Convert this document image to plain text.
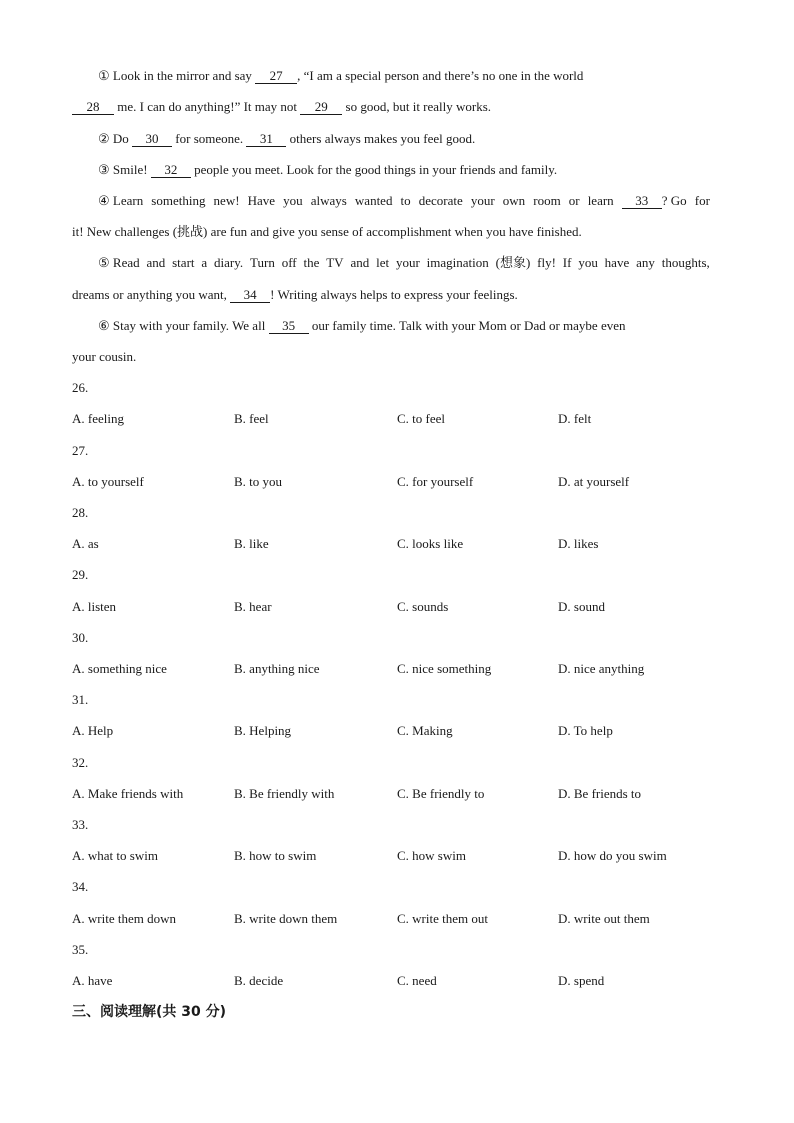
① Look in the mirror and say 27 , “I am a special person and there’s no one in the world
28 me. I can do anything!” It may not 29 so good, but it really works.
② Do 30 for someone. 31 others always makes you feel good.
③ Smile! 32 people you meet. Look for the good things in your friends and family.
④ Learn something new! Have you always wanted to decorate your own room or learn	33 ? Go for
it! New challenges (挑战) are fun and give you sense of accomplishment when you have finished.
⑤ Read and start a diary. Turn off the TV and let your imagination (想象) fly! If you have any thoughts,
dreams or anything you want, 34 ! Writing always helps to express your feelings.
⑥ Stay with your family. We all 35 our family time. Talk with your Mom or Dad or maybe even
your cousin.
26.
A. feeling	B. feel	C. to feel	D. felt
27.
A. to yourself	B. to you	C. for yourself	D. at yourself
28.
A. as	B. like	C. looks like	D. likes
29.
A. listen	B. hear	C. sounds	D. sound
30.
A. something nice	B. anything nice	C. nice something	D. nice anything
31.
A. Help	B. Helping	C. Making	D. To help
32.
A. Make friends with	B. Be friendly with	C. Be friendly to	D. Be friends to
33.
A. what to swim	B. how to swim	C. how swim	D. how do you swim
34.
A. write them down	B. write down them	C. write them out	D. write out them
35.
A. have	B. decide	C. need	D. spend
三、阅读理解(共 30 分)
